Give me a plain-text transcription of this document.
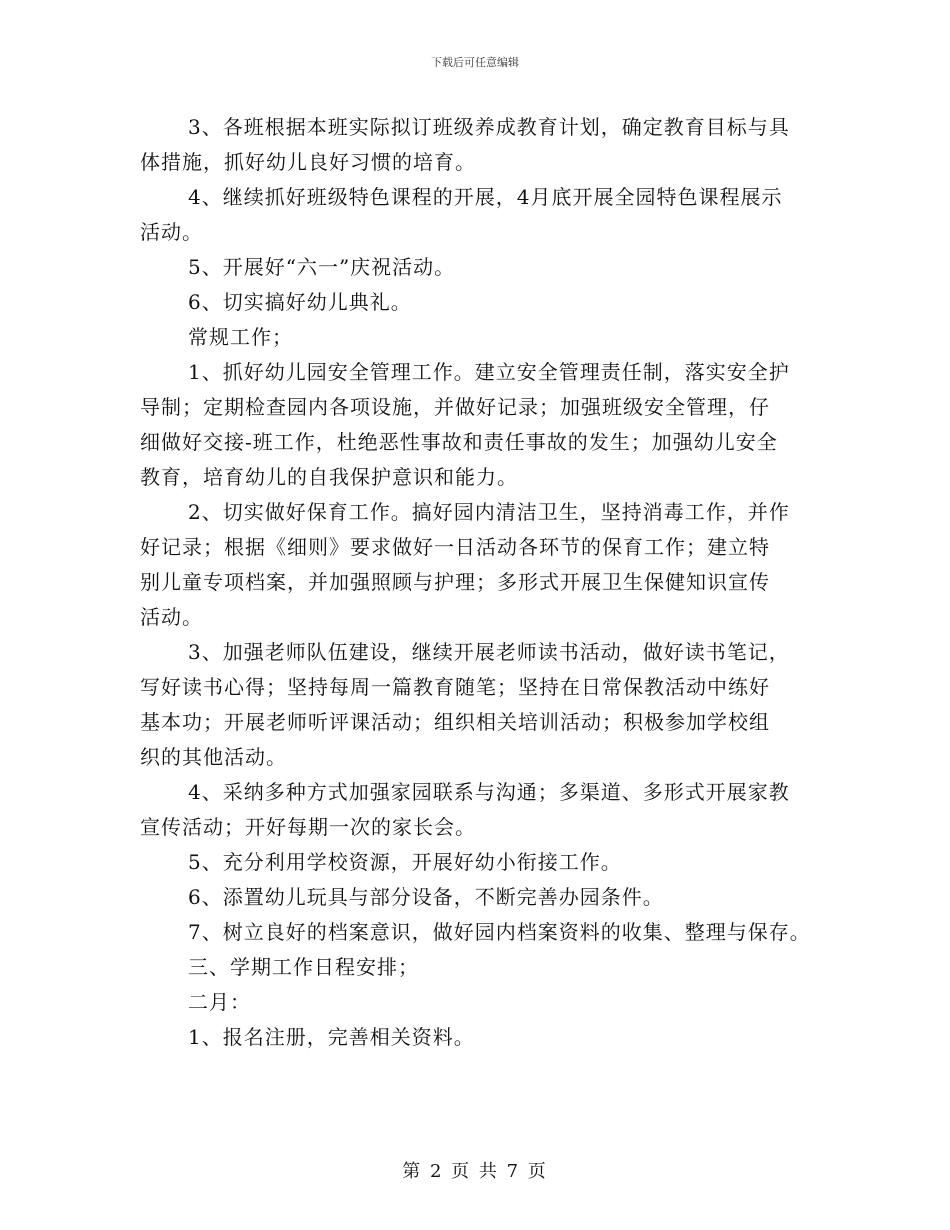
下载后可任意编辑
3、各班根据本班实际拟订班级养成教育计划，确定教育目标与具
体措施，抓好幼儿良好习惯的培育。
4、继续抓好班级特色课程的开展，4月底开展全园特色课程展示
活动。
5、开展好“六一”庆祝活动。
6、切实搞好幼儿典礼。
常规工作；
1、抓好幼儿园安全管理工作。建立安全管理责任制，落实安全护
导制；定期检查园内各项设施，并做好记录；加强班级安全管理，仔
细做好交接-班工作，杜绝恶性事故和责任事故的发生；加强幼儿安全
教育，培育幼儿的自我保护意识和能力。
2、切实做好保育工作。搞好园内清洁卫生，坚持消毒工作，并作
好记录；根据《细则》要求做好一日活动各环节的保育工作；建立特
别儿童专项档案，并加强照顾与护理；多形式开展卫生保健知识宣传
活动。
3、加强老师队伍建设，继续开展老师读书活动，做好读书笔记，
写好读书心得；坚持每周一篇教育随笔；坚持在日常保教活动中练好
基本功；开展老师听评课活动；组织相关培训活动；积极参加学校组
织的其他活动。
4、采纳多种方式加强家园联系与沟通；多渠道、多形式开展家教
宣传活动；开好每期一次的家长会。
5、充分利用学校资源，开展好幼小衔接工作。
6、添置幼儿玩具与部分设备，不断完善办园条件。
7、树立良好的档案意识，做好园内档案资料的收集、整理与保存。
三、学期工作日程安排；
二月：
1、报名注册，完善相关资料。
第 2 页 共 7 页
